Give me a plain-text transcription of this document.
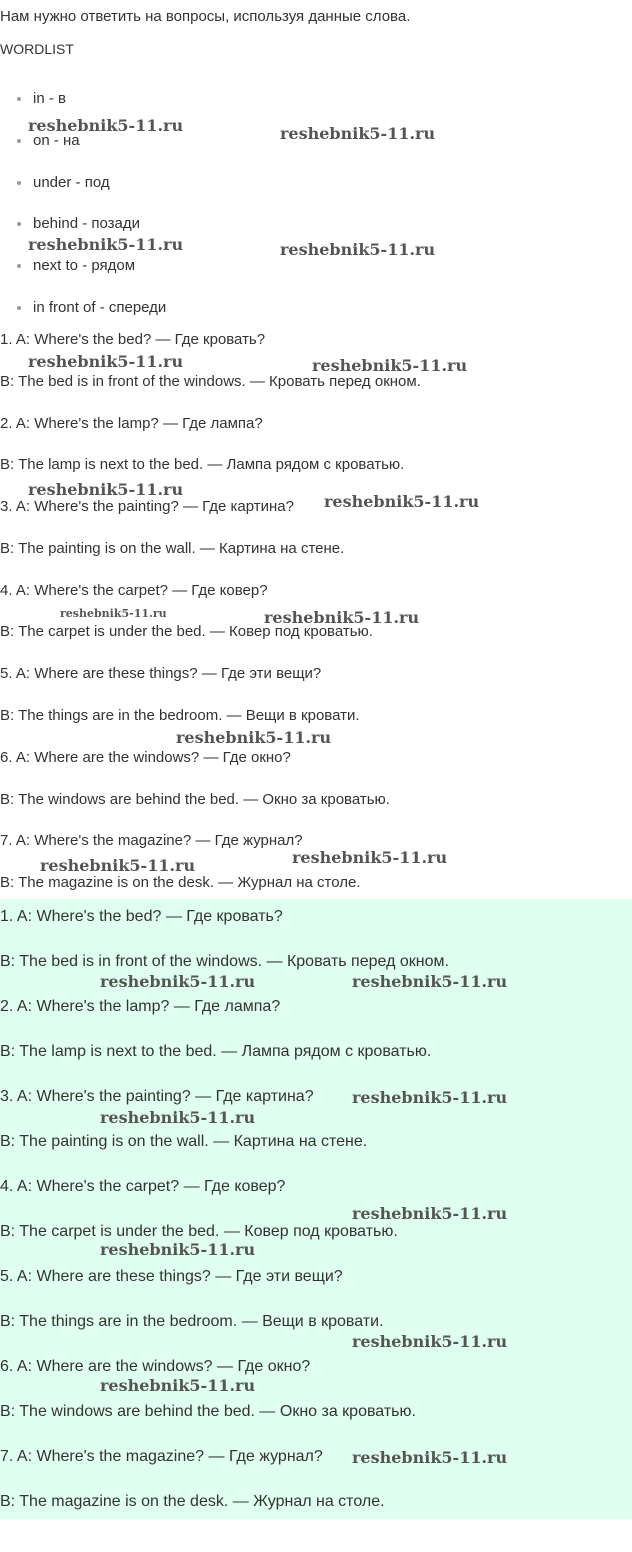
Нам нужно ответить на вопросы, используя данные слова.

WORDLIST

in - в
on - на
under - под
behind - позади
next to - рядом
in front of - спереди

1. A: Where's the bed? — Где кровать?

B: The bed is in front of the windows. — Кровать перед окном.

2. A: Where's the lamp? — Где лампа?

B: The lamp is next to the bed. — Лампа рядом с кроватью.

3. A: Where's the painting? — Где картина?

B: The painting is on the wall. — Картина на стене.

4. A: Where's the carpet? — Где ковер?

B: The carpet is under the bed. — Ковер под кроватью.

5. A: Where are these things? — Где эти вещи?

B: The things are in the bedroom. — Вещи в кровати.

6. A: Where are the windows? — Где окно?

B: The windows are behind the bed. — Окно за кроватью.

7. A: Where's the magazine? — Где журнал?

B: The magazine is on the desk. — Журнал на столе.

1. A: Where's the bed? — Где кровать?

B: The bed is in front of the windows. — Кровать перед окном.

2. A: Where's the lamp? — Где лампа?

B: The lamp is next to the bed. — Лампа рядом с кроватью.

3. A: Where's the painting? — Где картина?

B: The painting is on the wall. — Картина на стене.

4. A: Where's the carpet? — Где ковер?

B: The carpet is under the bed. — Ковер под кроватью.

5. A: Where are these things? — Где эти вещи?

B: The things are in the bedroom. — Вещи в кровати.

6. A: Where are the windows? — Где окно?

B: The windows are behind the bed. — Окно за кроватью.

7. A: Where's the magazine? — Где журнал?

B: The magazine is on the desk. — Журнал на столе.

reshebnik5-11.ru	reshebnik5-11.ru
reshebnik5-11.ru	reshebnik5-11.ru
reshebnik5-11.ru	reshebnik5-11.ru
reshebnik5-11.ru
reshebnik5-11.ru
reshebnik5-11.ru	reshebnik5-11.ru
reshebnik5-11.ru
reshebnik5-11.ru
reshebnik5-11.ru
reshebnik5-11.ru	reshebnik5-11.ru
reshebnik5-11.ru
reshebnik5-11.ru
reshebnik5-11.ru
reshebnik5-11.ru
reshebnik5-11.ru
reshebnik5-11.ru
reshebnik5-11.ru
